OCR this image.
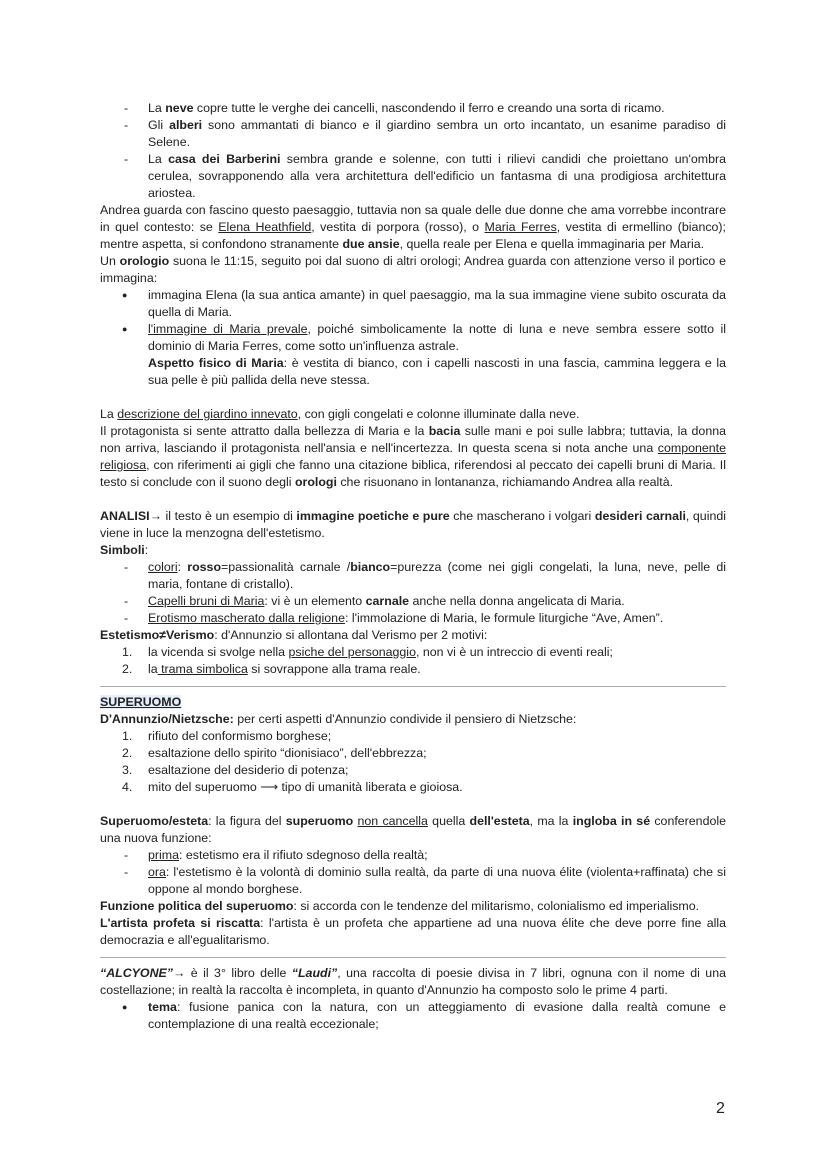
- La neve copre tutte le verghe dei cancelli, nascondendo il ferro e creando una sorta di ricamo.
- Gli alberi sono ammantati di bianco e il giardino sembra un orto incantato, un esanime paradiso di Selene.
- La casa dei Barberini sembra grande e solenne, con tutti i rilievi candidi che proiettano un'ombra cerulea, sovrapponendo alla vera architettura dell'edificio un fantasma di una prodigiosa architettura ariostea.

Andrea guarda con fascino questo paesaggio, tuttavia non sa quale delle due donne che ama vorrebbe incontrare in quel contesto: se Elena Heathfield, vestita di porpora (rosso), o Maria Ferres, vestita di ermellino (bianco); mentre aspetta, si confondono stranamente due ansie, quella reale per Elena e quella immaginaria per Maria.

Un orologio suona le 11:15, seguito poi dal suono di altri orologi; Andrea guarda con attenzione verso il portico e immagina:

● immagina Elena (la sua antica amante) in quel paesaggio, ma la sua immagine viene subito oscurata da quella di Maria.
● l'immagine di Maria prevale, poiché simbolicamente la notte di luna e neve sembra essere sotto il dominio di Maria Ferres, come sotto un'influenza astrale.
Aspetto fisico di Maria: è vestita di bianco, con i capelli nascosti in una fascia, cammina leggera e la sua pelle è più pallida della neve stessa.

La descrizione del giardino innevato, con gigli congelati e colonne illuminate dalla neve.

Il protagonista si sente attratto dalla bellezza di Maria e la bacia sulle mani e poi sulle labbra; tuttavia, la donna non arriva, lasciando il protagonista nell'ansia e nell'incertezza. In questa scena si nota anche una componente religiosa, con riferimenti ai gigli che fanno una citazione biblica, riferendosi al peccato dei capelli bruni di Maria. Il testo si conclude con il suono degli orologi che risuonano in lontananza, richiamando Andrea alla realtà.

ANALISI→ il testo è un esempio di immagine poetiche e pure che mascherano i volgari desideri carnali, quindi viene in luce la menzogna dell'estetismo.

Simboli:

- colori: rosso=passionalità carnale /bianco=purezza (come nei gigli congelati, la luna, neve, pelle di maria, fontane di cristallo).
- Capelli bruni di Maria: vi è un elemento carnale anche nella donna angelicata di Maria.
- Erotismo mascherato dalla religione: l'immolazione di Maria, le formule liturgiche “Ave, Amen”.

Estetismo≠Verismo: d'Annunzio si allontana dal Verismo per 2 motivi:

1. la vicenda si svolge nella psiche del personaggio, non vi è un intreccio di eventi reali;
2. la trama simbolica si sovrappone alla trama reale.

SUPERUOMO

D'Annunzio/Nietzsche: per certi aspetti d'Annunzio condivide il pensiero di Nietzsche:

1. rifiuto del conformismo borghese;
2. esaltazione dello spirito “dionisiaco”, dell'ebbrezza;
3. esaltazione del desiderio di potenza;
4. mito del superuomo ⟶ tipo di umanità liberata e gioiosa.

Superuomo/esteta: la figura del superuomo non cancella quella dell'esteta, ma la ingloba in sé conferendole una nuova funzione:

- prima: estetismo era il rifiuto sdegnoso della realtà;
- ora: l'estetismo è la volontà di dominio sulla realtà, da parte di una nuova élite (violenta+raffinata) che si oppone al mondo borghese.

Funzione politica del superuomo: si accorda con le tendenze del militarismo, colonialismo ed imperialismo.

L'artista profeta si riscatta: l'artista è un profeta che appartiene ad una nuova élite che deve porre fine alla democrazia e all'egualitarismo.

“ALCYONE”→ è il 3° libro delle “Laudi”, una raccolta di poesie divisa in 7 libri, ognuna con il nome di una costellazione; in realtà la raccolta è incompleta, in quanto d'Annunzio ha composto solo le prime 4 parti.

● tema: fusione panica con la natura, con un atteggiamento di evasione dalla realtà comune e contemplazione di una realtà eccezionale;
2
